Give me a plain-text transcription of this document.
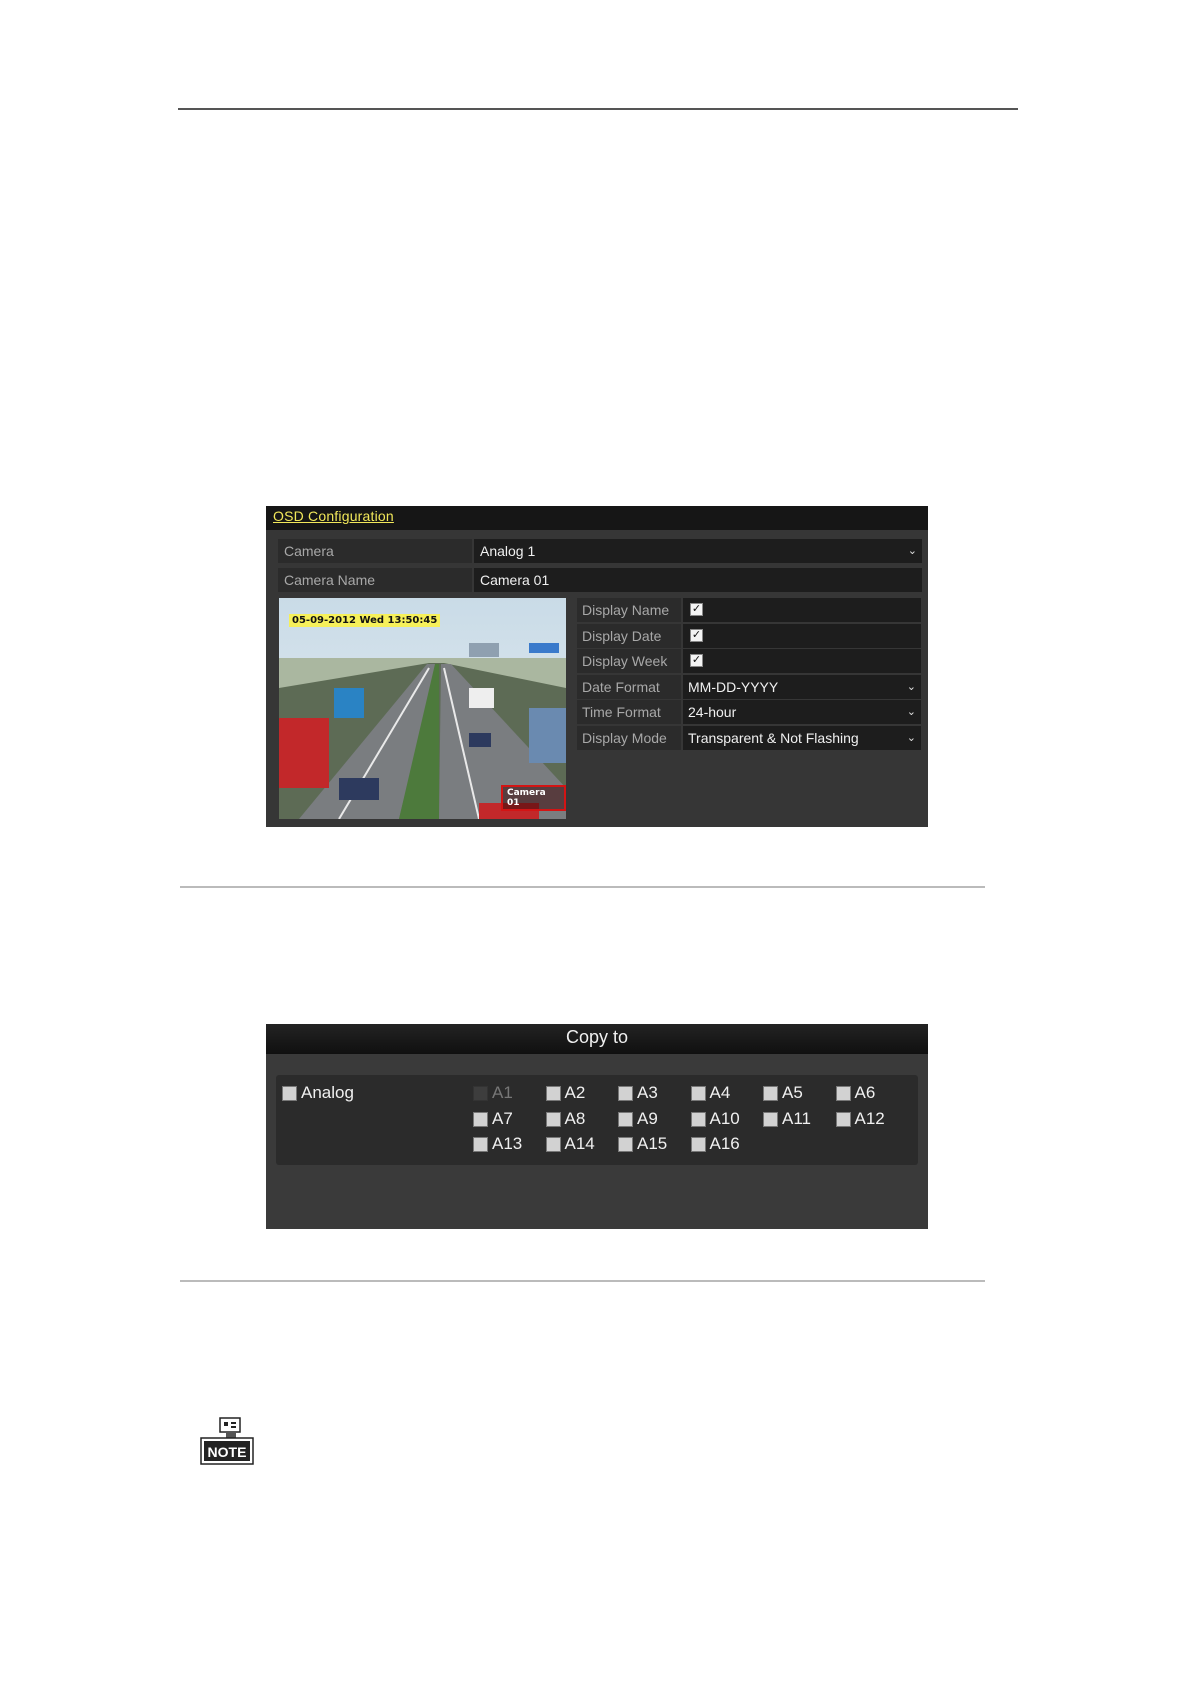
OSD Configuration
Camera	Analog 1	⌄
Camera Name	Camera 01
05-09-2012 Wed 13:50:45
Camera 01
Display Name	✓
Display Date	✓
Display Week	✓
Date Format	MM-DD-YYYY	⌄
Time Format	24-hour	⌄
Display Mode	Transparent & Not Flashing	⌄
Copy to
Analog	A1	A2	A3	A4	A5	A6
A7	A8	A9	A10 A11	A12
A13 A14 A15 A16
NOTE
